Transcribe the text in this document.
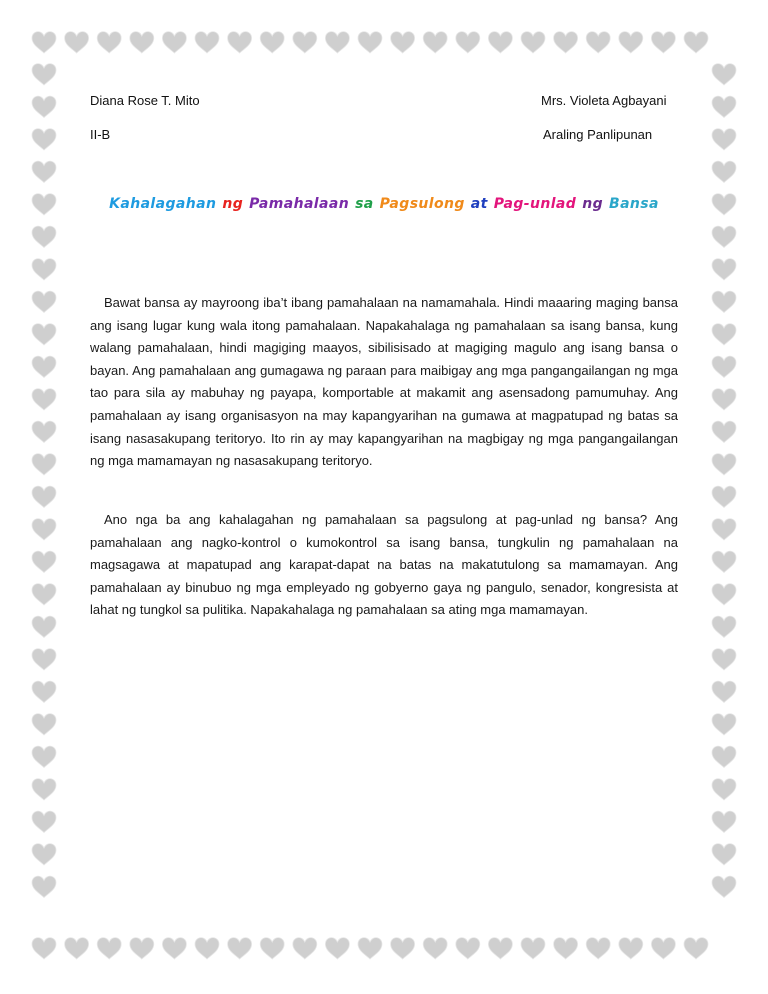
Diana Rose T. Mito
II-B
Mrs. Violeta Agbayani
Araling Panlipunan
Kahalagahan ng Pamahalaan sa Pagsulong at Pag-unlad ng Bansa

Bawat bansa ay mayroong iba’t ibang pamahalaan na namamahala. Hindi maaaring maging bansa ang isang lugar kung wala itong pamahalaan. Napakahalaga ng pamahalaan sa isang bansa, kung walang pamahalaan, hindi magiging maayos, sibilisisado at magiging magulo ang isang bansa o bayan. Ang pamahalaan ang gumagawa ng paraan para maibigay ang mga pangangailangan ng mga tao para sila ay mabuhay ng payapa, komportable at makamit ang asensadong pamumuhay. Ang pamahalaan ay isang organisasyon na may kapangyarihan na gumawa at magpatupad ng batas sa isang nasasakupang teritoryo. Ito rin ay may kapangyarihan na magbigay ng mga pangangailangan ng mga mamamayan ng nasasakupang teritoryo.

Ano nga ba ang kahalagahan ng pamahalaan sa pagsulong at pag-unlad ng bansa? Ang pamahalaan ang nagko-kontrol o kumokontrol sa isang bansa, tungkulin ng pamahalaan na magsagawa at mapatupad ang karapat-dapat na batas na makatutulong sa mamamayan. Ang pamahalaan ay binubuo ng mga empleyado ng gobyerno gaya ng pangulo, senador, kongresista at lahat ng tungkol sa pulitika. Napakahalaga ng pamahalaan sa ating mga mamamayan.
